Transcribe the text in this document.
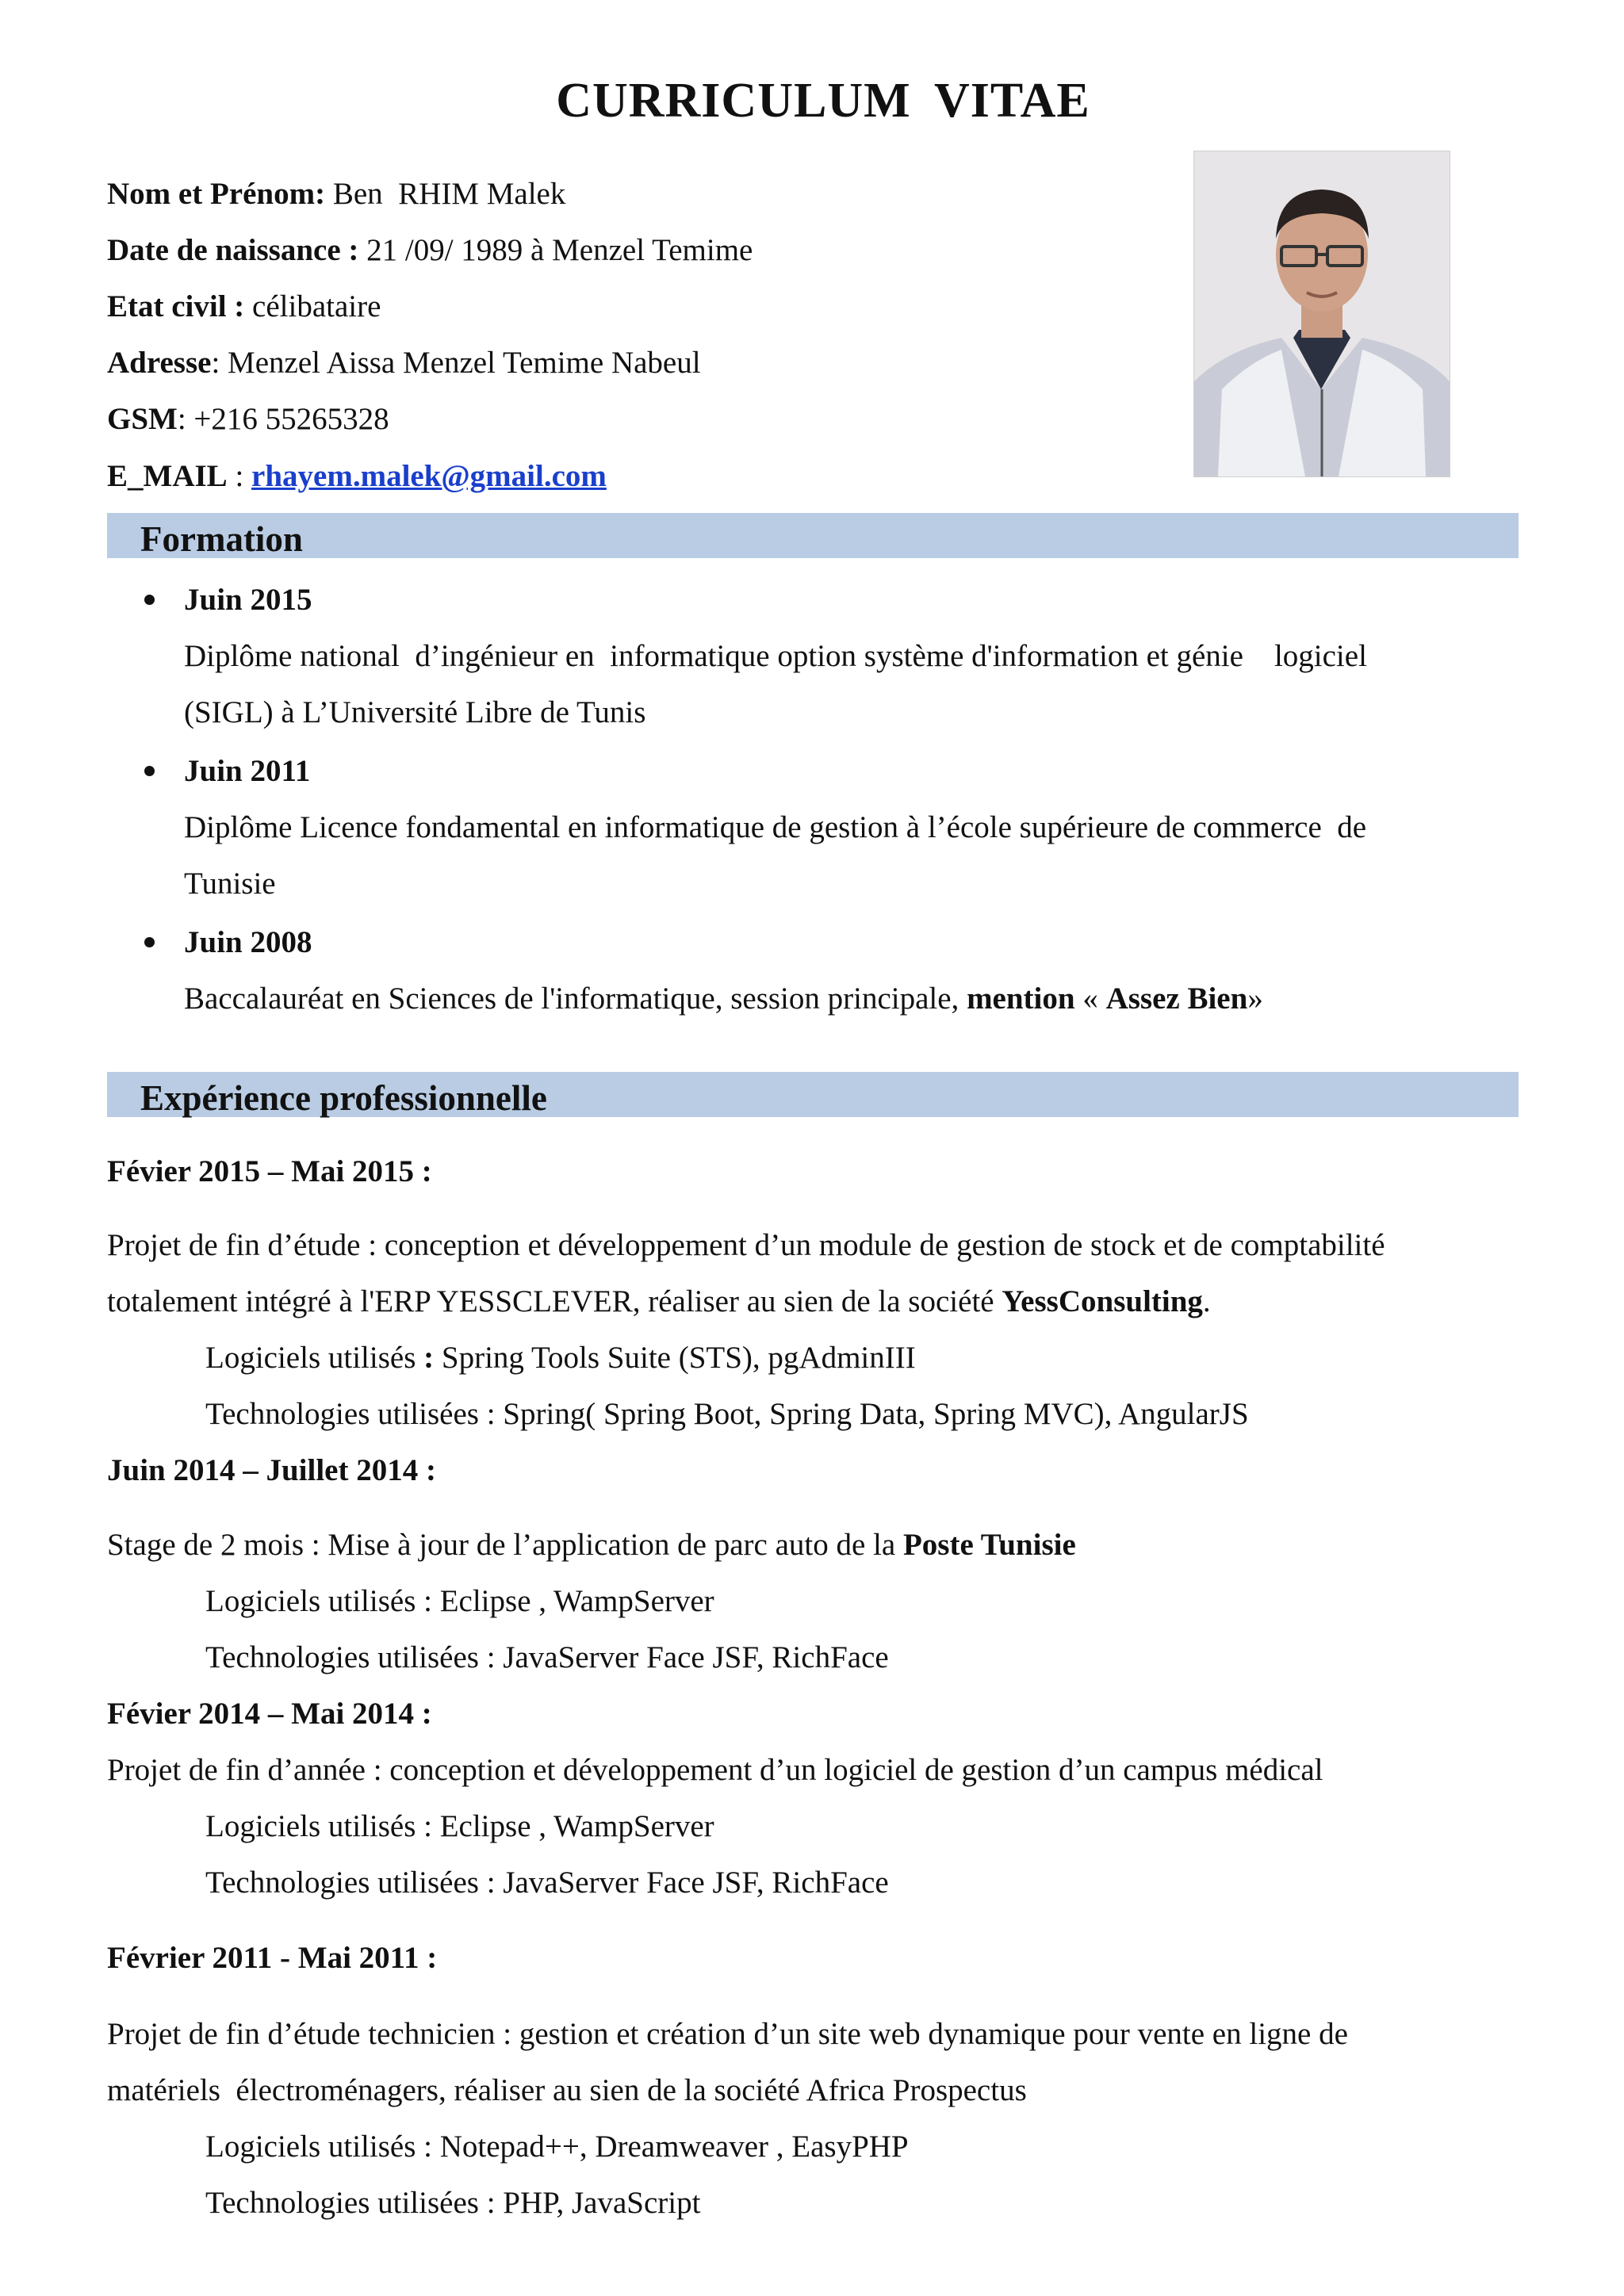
CURRICULUM VITAE
Nom et Prénom: Ben  RHIM Malek
Date de naissance : 21 /09/ 1989 à Menzel Temime
Etat civil : célibataire
Adresse: Menzel Aissa Menzel Temime Nabeul
GSM: +216 55265328
E_MAIL : rhayem.malek@gmail.com
Formation
Juin 2015
Diplôme national  d’ingénieur en  informatique option système d'information et génie    logiciel
(SIGL) à L’Université Libre de Tunis
Juin 2011
Diplôme Licence fondamental en informatique de gestion à l’école supérieure de commerce  de
Tunisie
Juin 2008
Baccalauréat en Sciences de l'informatique, session principale, mention « Assez Bien»
Expérience professionnelle
Févier 2015 – Mai 2015 :
Projet de fin d’étude : conception et développement d’un module de gestion de stock et de comptabilité
totalement intégré à l'ERP YESSCLEVER, réaliser au sien de la société YessConsulting.
Logiciels utilisés : Spring Tools Suite (STS), pgAdminIII
Technologies utilisées : Spring( Spring Boot, Spring Data, Spring MVC), AngularJS
Juin 2014 – Juillet 2014 :
Stage de 2 mois : Mise à jour de l’application de parc auto de la Poste Tunisie
Logiciels utilisés : Eclipse , WampServer
Technologies utilisées : JavaServer Face JSF, RichFace
Févier 2014 – Mai 2014 :
Projet de fin d’année : conception et développement d’un logiciel de gestion d’un campus médical
Logiciels utilisés : Eclipse , WampServer
Technologies utilisées : JavaServer Face JSF, RichFace
Février 2011 - Mai 2011 :
Projet de fin d’étude technicien : gestion et création d’un site web dynamique pour vente en ligne de
matériels  électroménagers, réaliser au sien de la société Africa Prospectus
Logiciels utilisés : Notepad++, Dreamweaver , EasyPHP
Technologies utilisées : PHP, JavaScript
